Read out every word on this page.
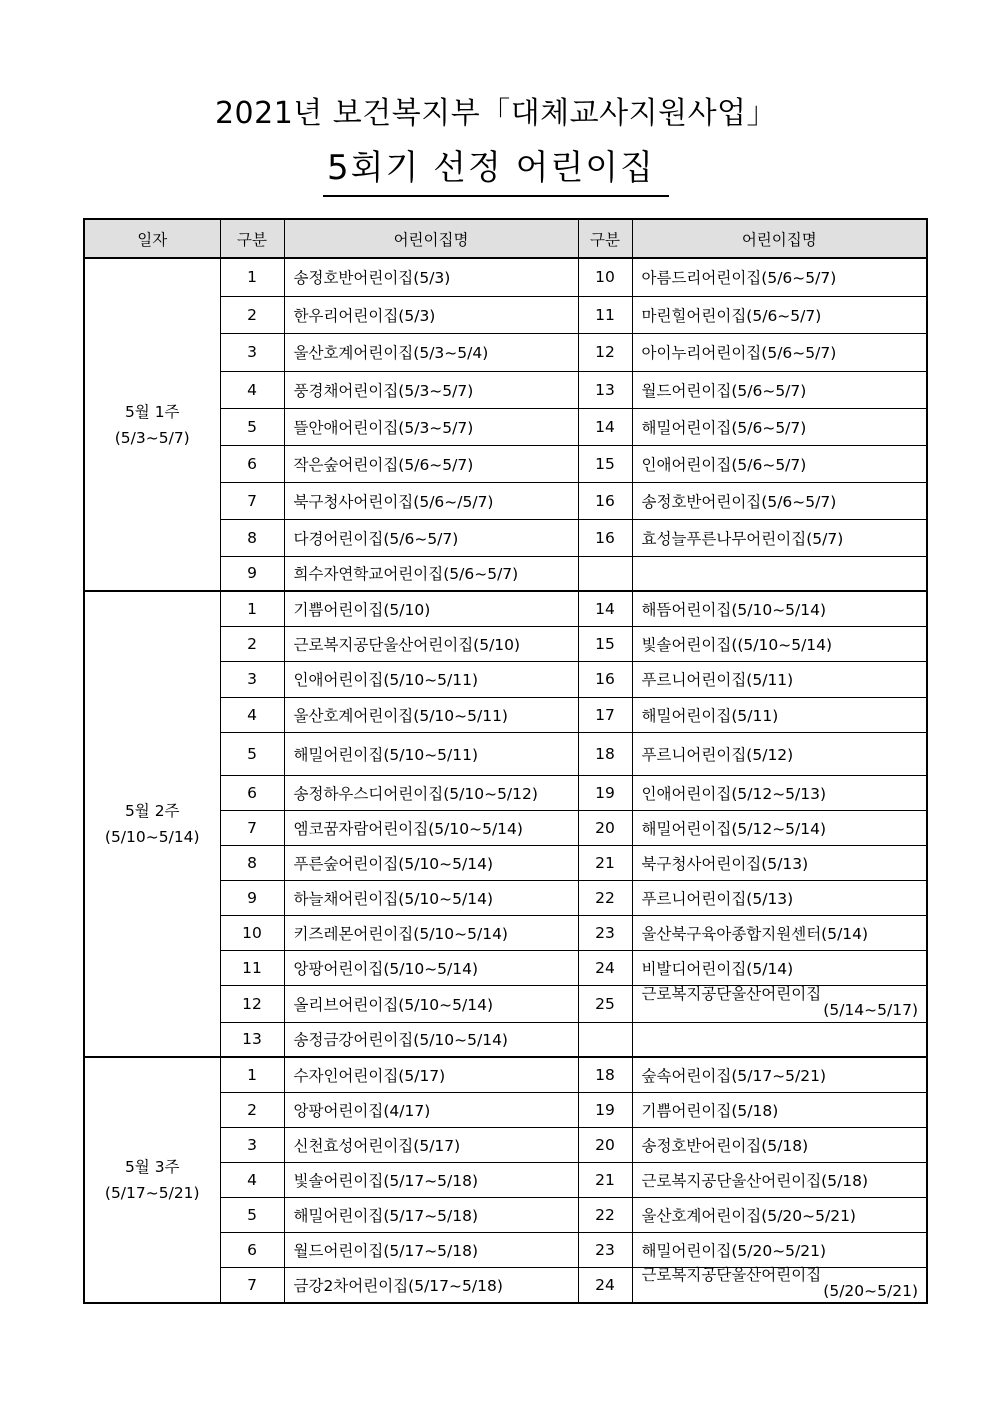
2021년 보건복지부「대체교사지원사업」
5회기 선정 어린이집
일자	구분	어린이집명	구분	어린이집명

5월 1주
(5/3~5/7)	1	송정호반어린이집(5/3)	10	아름드리어린이집(5/6~5/7)
	2	한우리어린이집(5/3)	11	마린힐어린이집(5/6~5/7)
	3	울산호계어린이집(5/3~5/4)	12	아이누리어린이집(5/6~5/7)
	4	풍경채어린이집(5/3~5/7)	13	월드어린이집(5/6~5/7)
	5	뜰안애어린이집(5/3~5/7)	14	해밀어린이집(5/6~5/7)
	6	작은숲어린이집(5/6~5/7)	15	인애어린이집(5/6~5/7)
	7	북구청사어린이집(5/6~/5/7)	16	송정호반어린이집(5/6~5/7)
	8	다경어린이집(5/6~5/7)	16	효성늘푸른나무어린이집(5/7)
	9	희수자연학교어린이집(5/6~5/7)		

5월 2주
(5/10~5/14)	1	기쁨어린이집(5/10)	14	해뜸어린이집(5/10~5/14)
	2	근로복지공단울산어린이집(5/10)	15	빛솔어린이집((5/10~5/14)
	3	인애어린이집(5/10~5/11)	16	푸르니어린이집(5/11)
	4	울산호계어린이집(5/10~5/11)	17	해밀어린이집(5/11)
	5	해밀어린이집(5/10~5/11)	18	푸르니어린이집(5/12)
	6	송정하우스디어린이집(5/10~5/12)	19	인애어린이집(5/12~5/13)
	7	엠코꿈자람어린이집(5/10~5/14)	20	해밀어린이집(5/12~5/14)
	8	푸른숲어린이집(5/10~5/14)	21	북구청사어린이집(5/13)
	9	하늘채어린이집(5/10~5/14)	22	푸르니어린이집(5/13)
	10	키즈레몬어린이집(5/10~5/14)	23	울산북구육아종합지원센터(5/14)
	11	앙팡어린이집(5/10~5/14)	24	비발디어린이집(5/14)
	12	올리브어린이집(5/10~5/14)	25	근로복지공단울산어린이집
(5/14~5/17)

	13	송정금강어린이집(5/10~5/14)		

5월 3주
(5/17~5/21)	1	수자인어린이집(5/17)	18	숲속어린이집(5/17~5/21)
	2	앙팡어린이집(4/17)	19	기쁨어린이집(5/18)
	3	신천효성어린이집(5/17)	20	송정호반어린이집(5/18)
	4	빛솔어린이집(5/17~5/18)	21	근로복지공단울산어린이집(5/18)
	5	해밀어린이집(5/17~5/18)	22	울산호계어린이집(5/20~5/21)
	6	월드어린이집(5/17~5/18)	23	해밀어린이집(5/20~5/21)
	7	금강2차어린이집(5/17~5/18)	24	근로복지공단울산어린이집
(5/20~5/21)
